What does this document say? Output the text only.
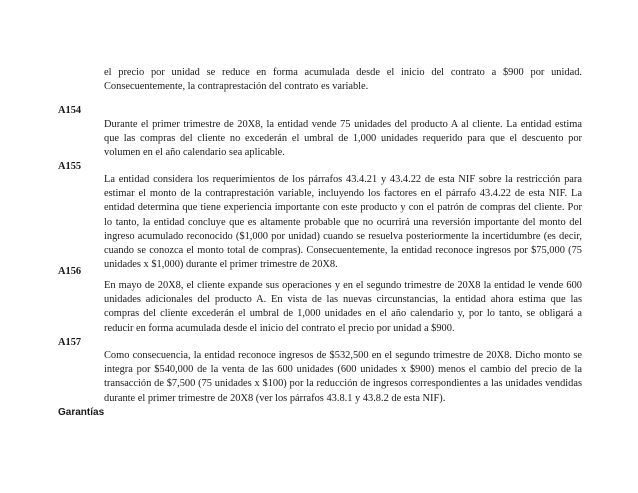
el precio por unidad se reduce en forma acumulada desde el inicio del contrato a $900 por unidad. Consecuentemente, la contraprestación del contrato es variable.

A154

Durante el primer trimestre de 20X8, la entidad vende 75 unidades del producto A al cliente. La entidad estima que las compras del cliente no excederán el umbral de 1,000 unidades requerido para que el descuento por volumen en el año calendario sea aplicable.

A155

La entidad considera los requerimientos de los párrafos 43.4.21 y 43.4.22 de esta NIF sobre la restricción para estimar el monto de la contraprestación variable, incluyendo los factores en el párrafo 43.4.22 de esta NIF. La entidad determina que tiene experiencia importante con este producto y con el patrón de compras del cliente. Por lo tanto, la entidad concluye que es altamente probable que no ocurrirá una reversión importante del monto del ingreso acumulado reconocido ($1,000 por unidad) cuando se resuelva posteriormente la incertidumbre (es decir, cuando se conozca el monto total de compras). Consecuentemente, la entidad reconoce ingresos por $75,000 (75 unidades x $1,000) durante el primer trimestre de 20X8.

A156

En mayo de 20X8, el cliente expande sus operaciones y en el segundo trimestre de 20X8 la entidad le vende 600 unidades adicionales del producto A. En vista de las nuevas circunstancias, la entidad ahora estima que las compras del cliente excederán el umbral de 1,000 unidades en el año calendario y, por lo tanto, se obligará a reducir en forma acumulada desde el inicio del contrato el precio por unidad a $900.

A157

Como consecuencia, la entidad reconoce ingresos de $532,500 en el segundo trimestre de 20X8. Dicho monto se integra por $540,000 de la venta de las 600 unidades (600 unidades x $900) menos el cambio del precio de la transacción de $7,500 (75 unidades x $100) por la reducción de ingresos correspondientes a las unidades vendidas durante el primer trimestre de 20X8 (ver los párrafos 43.8.1 y 43.8.2 de esta NIF).

Garantías
